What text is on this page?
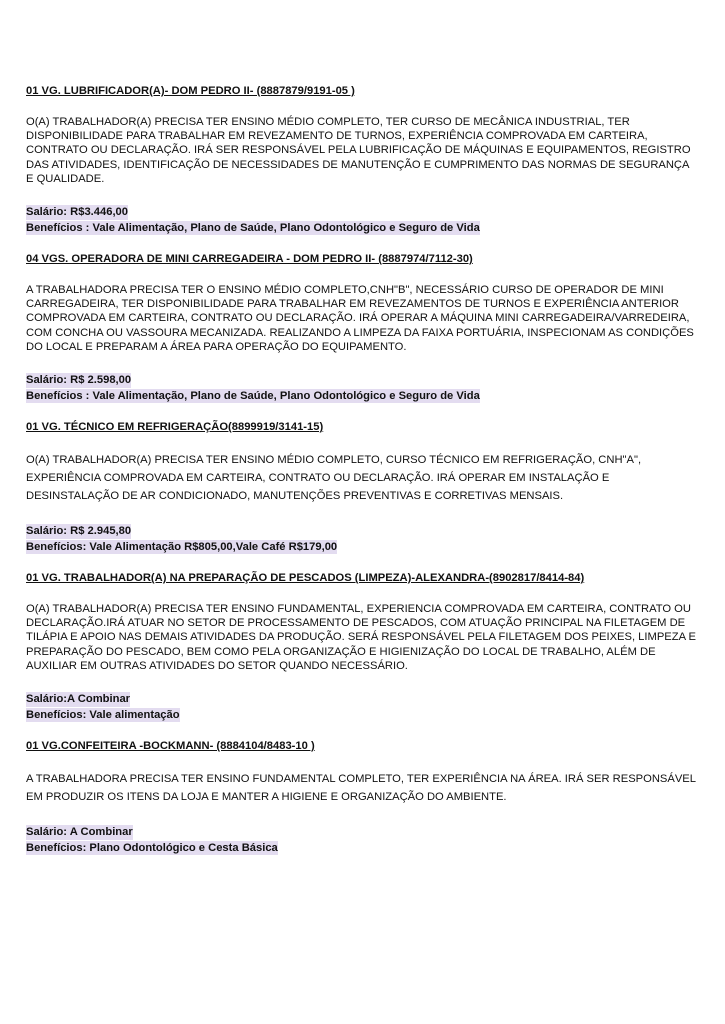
01 VG. LUBRIFICADOR(A)- DOM PEDRO II- (8887879/9191-05 )
O(A) TRABALHADOR(A) PRECISA TER ENSINO MÉDIO COMPLETO, TER CURSO DE MECÂNICA INDUSTRIAL, TER DISPONIBILIDADE PARA TRABALHAR EM REVEZAMENTO DE TURNOS, EXPERIÊNCIA COMPROVADA EM CARTEIRA, CONTRATO OU DECLARAÇÃO. IRÁ SER RESPONSÁVEL PELA LUBRIFICAÇÃO DE MÁQUINAS E EQUIPAMENTOS, REGISTRO DAS ATIVIDADES, IDENTIFICAÇÃO DE NECESSIDADES DE MANUTENÇÃO E CUMPRIMENTO DAS NORMAS DE SEGURANÇA E QUALIDADE.
Salário: R$3.446,00
Benefícios : Vale Alimentação, Plano de Saúde, Plano Odontológico e Seguro de Vida
04 VGS. OPERADORA DE MINI CARREGADEIRA - DOM PEDRO II- (8887974/7112-30)
A TRABALHADORA PRECISA TER O ENSINO MÉDIO COMPLETO,CNH"B", NECESSÁRIO CURSO DE OPERADOR DE MINI CARREGADEIRA, TER DISPONIBILIDADE PARA TRABALHAR EM REVEZAMENTOS DE TURNOS E EXPERIÊNCIA ANTERIOR COMPROVADA EM CARTEIRA, CONTRATO OU DECLARAÇÃO. IRÁ OPERAR A MÁQUINA MINI CARREGADEIRA/VARREDEIRA, COM CONCHA OU VASSOURA MECANIZADA. REALIZANDO A LIMPEZA DA FAIXA PORTUÁRIA, INSPECIONAM AS CONDIÇÕES DO LOCAL E PREPARAM A ÁREA PARA OPERAÇÃO DO EQUIPAMENTO.
Salário: R$ 2.598,00
Benefícios : Vale Alimentação, Plano de Saúde, Plano Odontológico e Seguro de Vida
01 VG. TÉCNICO EM REFRIGERAÇÃO(8899919/3141-15)
O(A) TRABALHADOR(A) PRECISA TER ENSINO MÉDIO COMPLETO, CURSO TÉCNICO EM REFRIGERAÇÃO, CNH"A", EXPERIÊNCIA COMPROVADA EM CARTEIRA, CONTRATO OU DECLARAÇÃO. IRÁ OPERAR EM INSTALAÇÃO E DESINSTALAÇÃO DE AR CONDICIONADO, MANUTENÇÕES PREVENTIVAS E CORRETIVAS MENSAIS.
Salário: R$ 2.945,80
Benefícios: Vale Alimentação R$805,00,Vale Café R$179,00
01 VG. TRABALHADOR(A) NA PREPARAÇÃO DE PESCADOS (LIMPEZA)-ALEXANDRA-(8902817/8414-84)
O(A) TRABALHADOR(A) PRECISA TER ENSINO FUNDAMENTAL, EXPERIENCIA COMPROVADA EM CARTEIRA, CONTRATO OU DECLARAÇÃO.IRÁ ATUAR NO SETOR DE PROCESSAMENTO DE PESCADOS, COM ATUAÇÃO PRINCIPAL NA FILETAGEM DE TILÁPIA E APOIO NAS DEMAIS ATIVIDADES DA PRODUÇÃO. SERÁ RESPONSÁVEL PELA FILETAGEM DOS PEIXES, LIMPEZA E PREPARAÇÃO DO PESCADO, BEM COMO PELA ORGANIZAÇÃO E HIGIENIZAÇÃO DO LOCAL DE TRABALHO, ALÉM DE AUXILIAR EM OUTRAS ATIVIDADES DO SETOR QUANDO NECESSÁRIO.
Salário:A Combinar
Benefícios: Vale alimentação
01 VG.CONFEITEIRA -BOCKMANN- (8884104/8483-10 )
A TRABALHADORA PRECISA TER ENSINO FUNDAMENTAL COMPLETO, TER EXPERIÊNCIA NA ÁREA. IRÁ SER RESPONSÁVEL EM PRODUZIR OS ITENS DA LOJA E MANTER A HIGIENE E ORGANIZAÇÃO DO AMBIENTE.
Salário: A Combinar
Benefícios: Plano Odontológico e Cesta Básica
